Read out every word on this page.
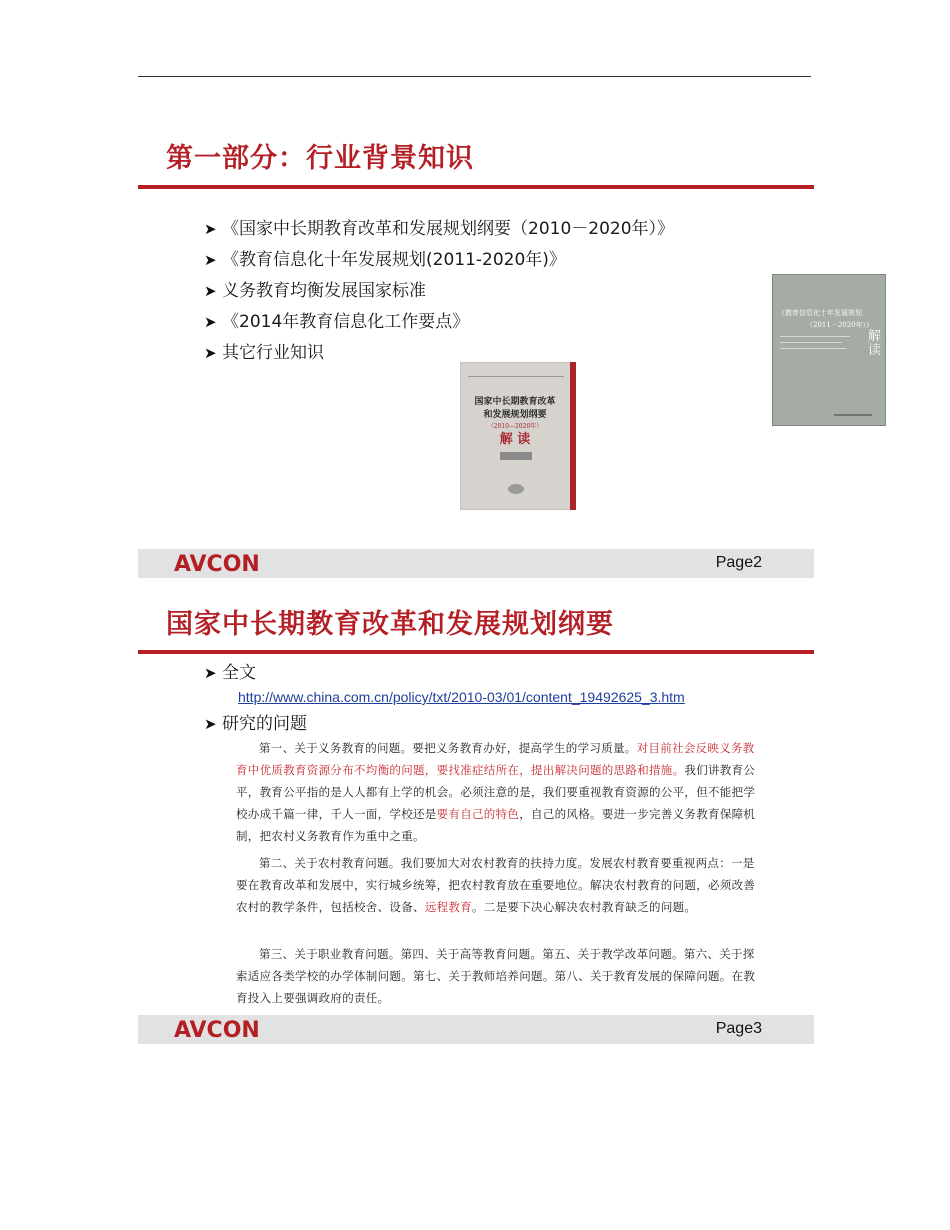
第一部分：行业背景知识
➤ 《国家中长期教育改革和发展规划纲要（2010－2020年）》
➤ 《教育信息化十年发展规划(2011-2020年)》
➤ 义务教育均衡发展国家标准
➤ 《2014年教育信息化工作要点》
➤ 其它行业知识
国家中长期教育改革
和发展规划纲要
（2010—2020年）
解 读
《教育信息化十年发展规划
（2011－2020年）》
解读
AVCON	Page2
国家中长期教育改革和发展规划纲要
➤ 全文
http://www.china.com.cn/policy/txt/2010-03/01/content_19492625_3.htm
➤ 研究的问题

第一、关于义务教育的问题。要把义务教育办好，提高学生的学习质量。对目前社会反映义务教育中优质教育资源分布不均衡的问题，要找准症结所在，提出解决问题的思路和措施。我们讲教育公平，教育公平指的是人人都有上学的机会。必须注意的是，我们要重视教育资源的公平，但不能把学校办成千篇一律，千人一面，学校还是要有自己的特色，自己的风格。要进一步完善义务教育保障机制，把农村义务教育作为重中之重。

第二、关于农村教育问题。我们要加大对农村教育的扶持力度。发展农村教育要重视两点：一是要在教育改革和发展中，实行城乡统筹，把农村教育放在重要地位。解决农村教育的问题，必须改善农村的教学条件，包括校舍、设备、远程教育。二是要下决心解决农村教育缺乏的问题。

第三、关于职业教育问题。第四、关于高等教育问题。第五、关于教学改革问题。第六、关于探索适应各类学校的办学体制问题。第七、关于教师培养问题。第八、关于教育发展的保障问题。在教育投入上要强调政府的责任。

AVCON	Page3
